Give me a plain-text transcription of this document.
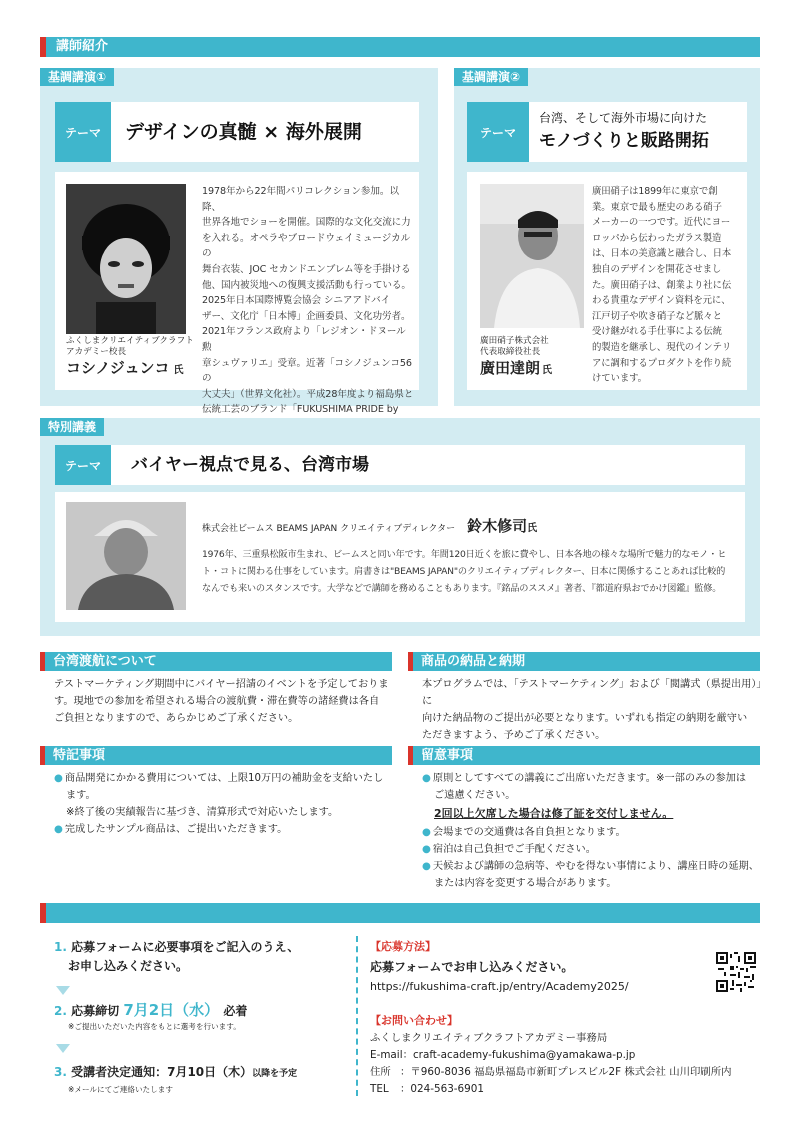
講師紹介
基調講演①	基調講演②
テーマ	デザインの真髄 × 海外展開	テーマ
台湾、そして海外市場に向けた
モノづくりと販路開拓
ふくしまクリエイティブクラフト
アカデミー校長
コシノジュンコ 氏
1978年から22年間パリコレクション参加。以降、
世界各地でショーを開催。国際的な文化交流に力
を入れる。オペラやブロードウェイミュージカルの
舞台衣装、JOC セカンドエンブレム等を手掛ける
他、国内被災地への復興支援活動も行っている。
2025年日本国際博覧会協会 シニアアドバイ
ザー、文化庁「日本博」企画委員、文化功労者。
2021年フランス政府より「レジオン・ドヌール勲
章シュヴァリエ」受章。近著「コシノジュンコ56の
大丈夫」（世界文化社）。平成28年度より福島県と
伝統工芸のブランド「FUKUSHIMA PRIDE by
廣田硝子株式会社
代表取締役社長
廣田達朗 氏
廣田硝子は1899年に東京で創
業。東京で最も歴史のある硝子
メーカーの一つです。近代にヨー
ロッパから伝わったガラス製造
は、日本の美意識と融合し、日本
独自のデザインを開花させまし
た。廣田硝子は、創業より社に伝
わる貴重なデザイン資料を元に、
江戸切子や吹き硝子など脈々と
受け継がれる手仕事による伝統
的製造を継承し、現代のインテリ
アに調和するプロダクトを作り続
けています。
特別講義
テーマ	バイヤー視点で見る、台湾市場
株式会社ビームス BEAMS JAPAN クリエイティブディレクター 鈴木修司 氏
1976年、三重県松阪市生まれ、ビームスと同い年です。年間120日近くを旅に費やし、日本各地の様々な場所で魅力的なモノ・ヒ
ト・コトに関わる仕事をしています。肩書きは"BEAMS JAPAN"のクリエイティブディレクター、日本に関係することあれば比較的
なんでも来いのスタンスです。大学などで講師を務めることもあります。『銘品のススメ』著者、『都道府県おでかけ図鑑』監修。
台湾渡航について
テストマーケティング期間中にバイヤー招請のイベントを予定しておりま
す。現地での参加を希望される場合の渡航費・滞在費等の諸経費は各自
ご負担となりますので、あらかじめご了承ください。
商品の納品と納期
本プログラムでは、「テストマーケティング」および「閲講式（県提出用）」に
向けた納品物のご提出が必要となります。いずれも指定の納期を厳守い
ただきますよう、予めご了承ください。
特記事項
● 商品開発にかかる費用については、上限10万円の補助金を支給いたし
ます。
※終了後の実績報告に基づき、清算形式で対応いたします。
● 完成したサンプル商品は、ご提出いただきます。
留意事項
● 原則としてすべての講義にご出席いただきます。※一部のみの参加は
ご遠慮ください。
2回以上欠席した場合は修了証を交付しません。
● 会場までの交通費は各自負担となります。
● 宿泊は自己負担でご手配ください。
● 天候および講師の急病等、やむを得ない事情により、講座日時の延期、
または内容を変更する場合があります。
1. 応募フォームに必要事項をご記入のうえ、
お申し込みください。
2. 応募締切 7月2日（水） 必着
※ご提出いただいた内容をもとに選考を行います。
3. 受講者決定通知：7月10日（木）以降を予定
※メールにてご連絡いたします
【応募方法】
応募フォームでお申し込みください。
https://fukushima-craft.jp/entry/Academy2025/
【お問い合わせ】
ふくしまクリエイティブクラフトアカデミー事務局
E-mail：craft-academy-fukushima@yamakawa-p.jp
住所 ：〒960-8036 福島県福島市新町プレスビル2F 株式会社 山川印刷所内
TEL	：024-563-6901
